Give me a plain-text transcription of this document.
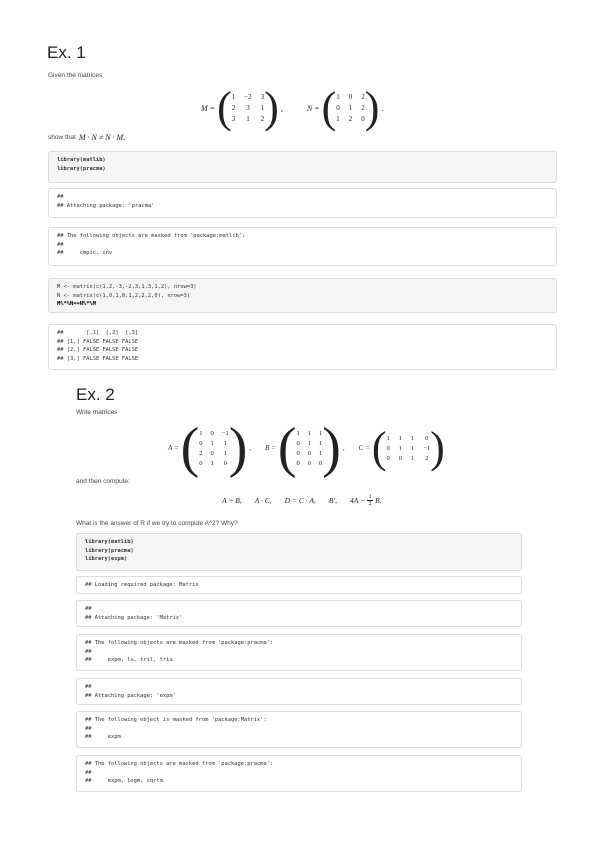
Ex. 1
Given the matrices
M = ( 1 −2 3
2 3 1
3 1 2 ) ,	N = ( 1 0 2
0 1 2
1 2 0 ) .
show that M · N ≠ N · M.
library(matlib)
library(pracma)
##
## Attaching package: 'pracma'
## The following objects are masked from 'package:matlib':
##
##     cmpic, inv
M <- matrix(c(1,2,-3,-2,3,1,3,1,2), nrow=3)
N <- matrix(c(1,0,1,0,1,2,2,2,0), nrow=3)
M%*%N==N%*%M
##       [,1]  [,2]  [,3]
## [1,] FALSE FALSE FALSE
## [2,] FALSE FALSE FALSE
## [3,] FALSE FALSE FALSE
Ex. 2
Write matrices
A = ( 1 0 −1
0 1 1
2 0 1
0 1 0 ) , B = ( 1 1 1
0 1 1
0 0 1
0 0 0 ) , C = ( 1 1 1 0
0 1 1 −1
0 0 1 2 )
and then compute:
A + B, A · C, D = C · A, B′, 4A − 1
2 B.
What is the answer of R if we try to compute A^2? Why?
library(matlib)
library(pracma)
library(expm)
## Loading required package: Matrix
##
## Attaching package: 'Matrix'
## The following objects are masked from 'package:pracma':
##
##     expm, lu, tril, triu
##
## Attaching package: 'expm'
## The following object is masked from 'package:Matrix':
##
##     expm
## The following objects are masked from 'package:pracma':
##
##     expm, logm, sqrtm
